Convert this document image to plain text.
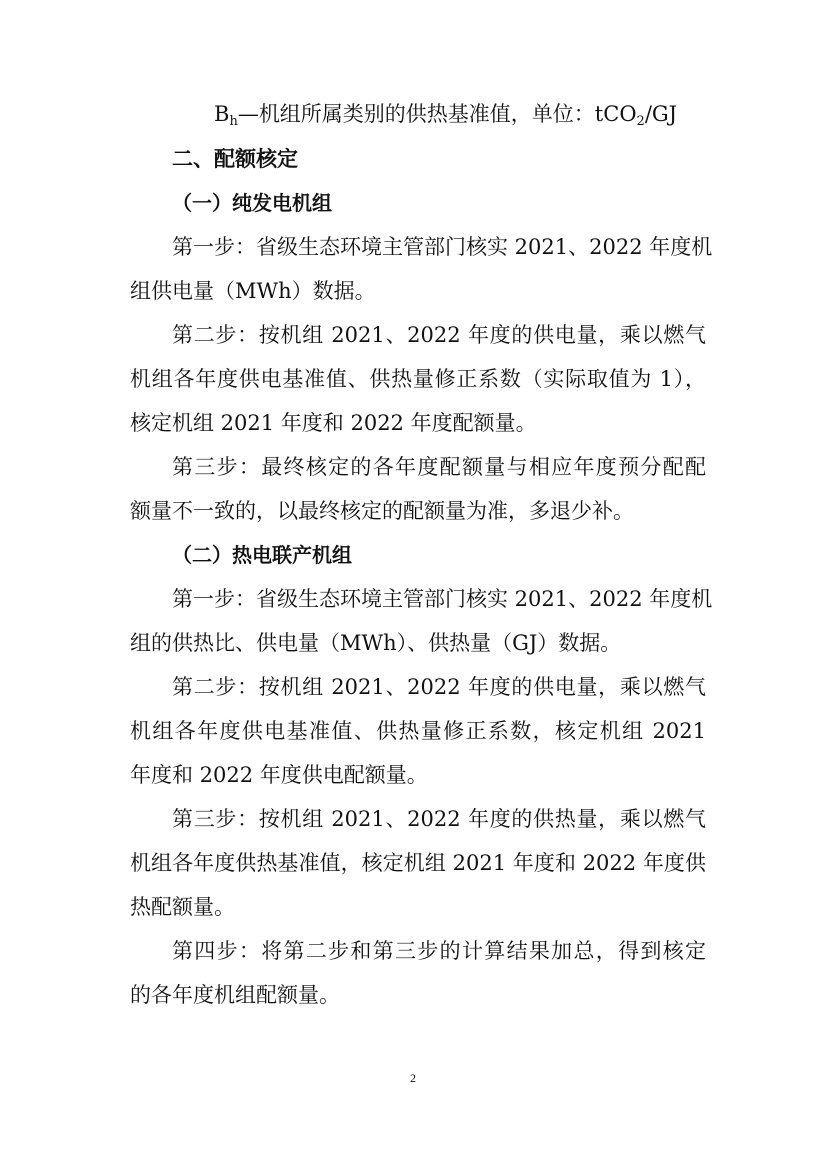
$B_h—$机组所属类别的供热基准值，单位：tCO$_2$/GJ
二、配额核定
（一）纯发电机组
第一步：省级生态环境主管部门核实 2021、2022 年度机
组供电量（MWh）数据。
第二步：按机组 2021、2022 年度的供电量，乘以燃气
机组各年度供电基准值、供热量修正系数（实际取值为 1），
核定机组 2021 年度和 2022 年度配额量。
第三步：最终核定的各年度配额量与相应年度预分配配
额量不一致的，以最终核定的配额量为准，多退少补。
（二）热电联产机组
第一步：省级生态环境主管部门核实 2021、2022 年度机
组的供热比、供电量（MWh）、供热量（GJ）数据。
第二步：按机组 2021、2022 年度的供电量，乘以燃气
机组各年度供电基准值、供热量修正系数，核定机组 2021
年度和 2022 年度供电配额量。
第三步：按机组 2021、2022 年度的供热量，乘以燃气
机组各年度供热基准值，核定机组 2021 年度和 2022 年度供
热配额量。
第四步：将第二步和第三步的计算结果加总，得到核定
的各年度机组配额量。
2
